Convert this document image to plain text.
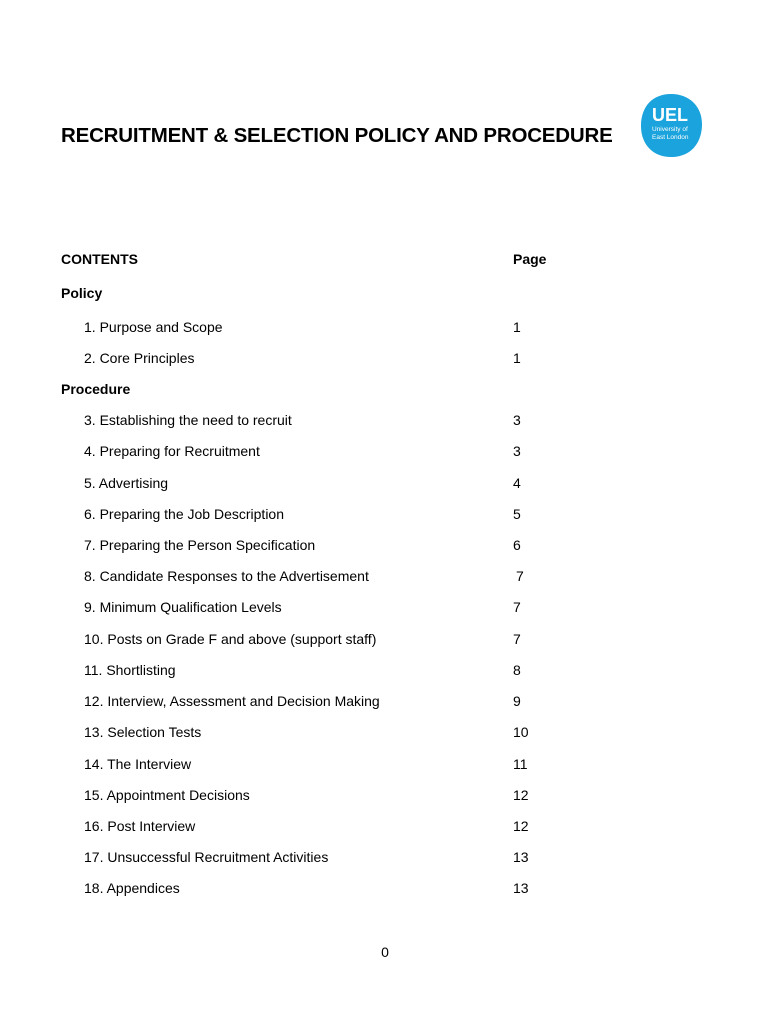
RECRUITMENT & SELECTION POLICY AND PROCEDURE
UEL
University of
East London
CONTENTS	Page
Policy
1. Purpose and Scope	1
2. Core Principles	1
Procedure
3. Establishing the need to recruit	3
4. Preparing for Recruitment	3
5. Advertising	4
6. Preparing the Job Description	5
7. Preparing the Person Specification	6
8. Candidate Responses to the Advertisement	7
9. Minimum Qualification Levels	7
10. Posts on Grade F and above (support staff)	7
11. Shortlisting	8
12. Interview, Assessment and Decision Making	9
13. Selection Tests	10
14. The Interview	11
15. Appointment Decisions	12
16. Post Interview	12
17. Unsuccessful Recruitment Activities	13
18. Appendices	13
0
